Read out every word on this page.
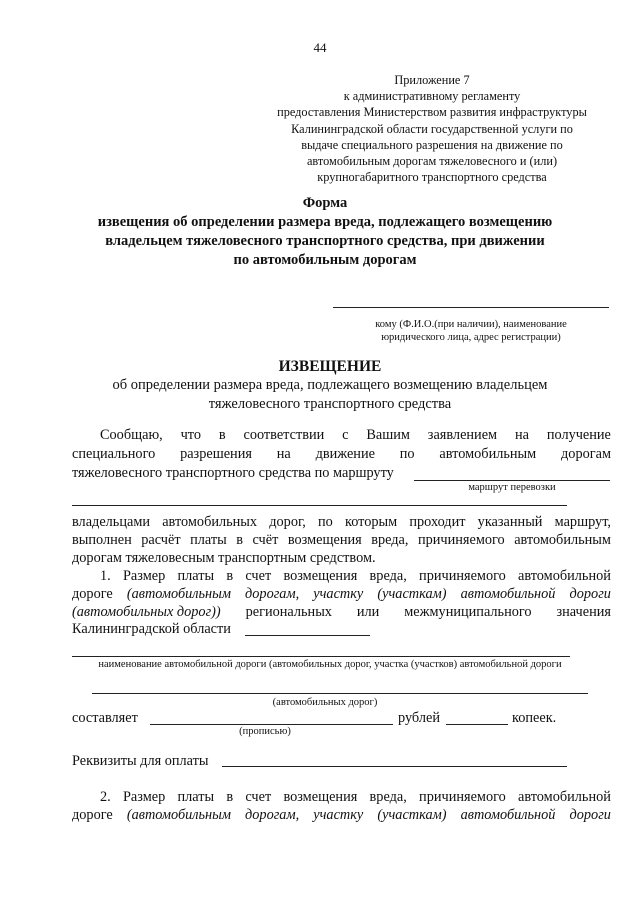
44
Приложение 7
к административному регламенту
предоставления Министерством развития инфраструктуры
Калининградской области государственной услуги по
выдаче специального разрешения на движение по
автомобильным дорогам тяжеловесного и (или)
крупногабаритного транспортного средства
Форма
извещения об определении размера вреда, подлежащего возмещению
владельцем тяжеловесного транспортного средства, при движении
по автомобильным дорогам
кому (Ф.И.О.(при наличии), наименование
юридического лица, адрес регистрации)
ИЗВЕЩЕНИЕ
об определении размера вреда, подлежащего возмещению владельцем
тяжеловесного транспортного средства
Сообщаю, что в соответствии с Вашим заявлением на получение
специального разрешения на движение по автомобильным дорогам
тяжеловесного транспортного средства по маршруту
маршрут перевозки
владельцами автомобильных дорог, по которым проходит указанный маршрут,
выполнен расчёт платы в счёт возмещения вреда, причиняемого автомобильным
дорогам тяжеловесным транспортным средством.
1. Размер платы в счет возмещения вреда, причиняемого автомобильной
дороге (автомобильным дорогам, участку (участкам) автомобильной дороги
(автомобильных дорог)) региональных или межмуниципального значения
Калининградской области
наименование автомобильной дороги (автомобильных дорог, участка (участков) автомобильной дороги
(автомобильных дорог)
составляет	рублей	копеек.
(прописью)
Реквизиты для оплаты
2. Размер платы в счет возмещения вреда, причиняемого автомобильной
дороге (автомобильным дорогам, участку (участкам) автомобильной дороги
